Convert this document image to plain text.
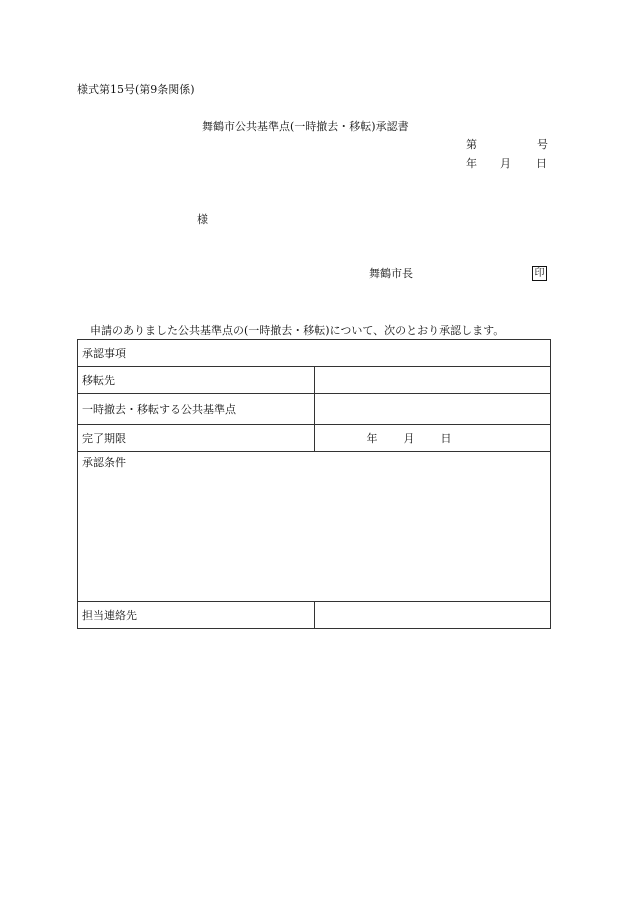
様式第15号(第9条関係)
舞鶴市公共基準点(一時撤去・移転)承認書
第	号
年 月 日
様
舞鶴市長	印
申請のありました公共基準点の(一時撤去・移転)について、次のとおり承認します。
承認事項	
移転先	
一時撤去・移転する公共基準点	
完了期限	年 月 日

承認条件	
担当連絡先	
